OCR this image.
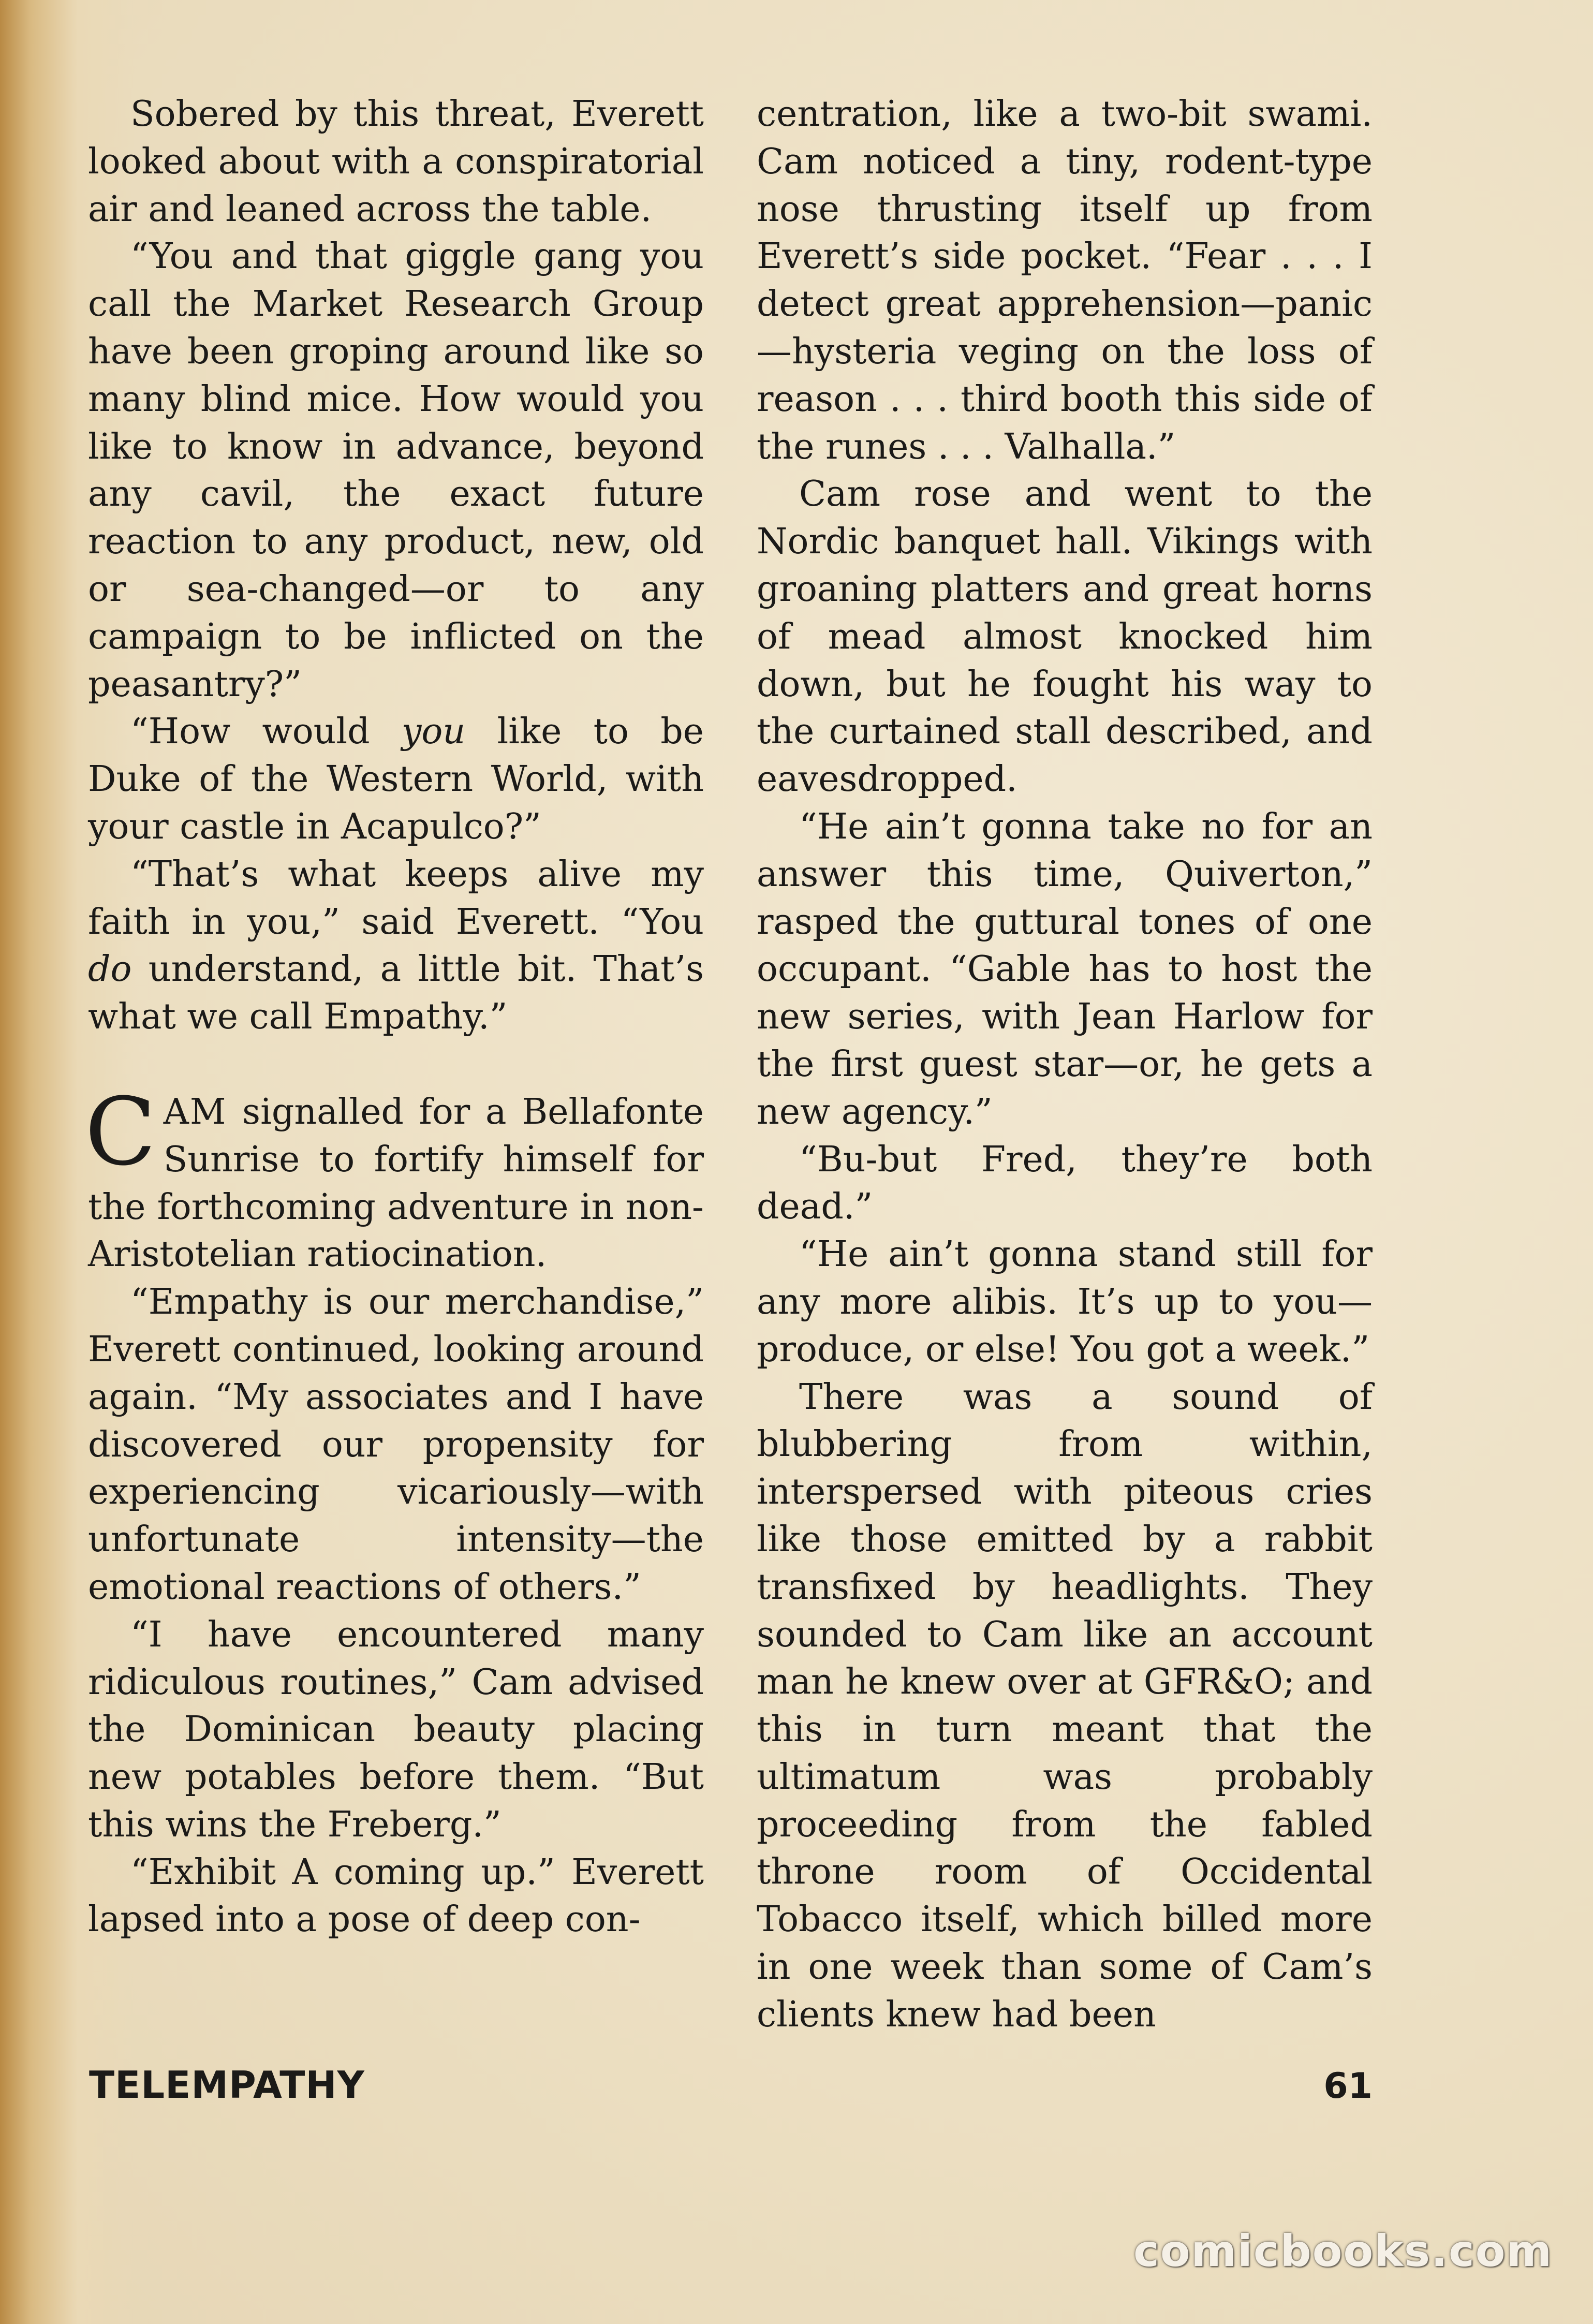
Sobered by this threat, Everett looked about with a conspiratorial air and leaned across the table.

“You and that giggle gang you call the Market Research Group have been groping around like so many blind mice. How would you like to know in advance, beyond any cavil, the exact future reaction to any product, new, old or sea-changed—or to any campaign to be inflicted on the peasantry?”

“How would you like to be Duke of the Western World, with your castle in Acapulco?”

“That’s what keeps alive my faith in you,” said Everett. “You do understand, a little bit. That’s what we call Empathy.”

CAM signalled for a Bellafonte Sunrise to fortify himself for the forthcoming adventure in non-Aristotelian ratiocination.

“Empathy is our merchandise,” Everett continued, looking around again. “My associates and I have discovered our propensity for experiencing vicariously—with unfortunate intensity—the emotional reactions of others.”

“I have encountered many ridiculous routines,” Cam advised the Dominican beauty placing new potables before them. “But this wins the Freberg.”

“Exhibit A coming up.” Everett lapsed into a pose of deep con-

centration, like a two-bit swami. Cam noticed a tiny, rodent-type nose thrusting itself up from Everett’s side pocket. “Fear . . . I detect great apprehension—panic—hysteria veging on the loss of reason . . . third booth this side of the runes . . . Valhalla.”

Cam rose and went to the Nordic banquet hall. Vikings with groaning platters and great horns of mead almost knocked him down, but he fought his way to the curtained stall described, and eavesdropped.

“He ain’t gonna take no for an answer this time, Quiverton,” rasped the guttural tones of one occupant. “Gable has to host the new series, with Jean Harlow for the first guest star—or, he gets a new agency.”

“Bu-but Fred, they’re both dead.”

“He ain’t gonna stand still for any more alibis. It’s up to you—produce, or else! You got a week.”

There was a sound of blubbering from within, interspersed with piteous cries like those emitted by a rabbit transfixed by headlights. They sounded to Cam like an account man he knew over at GFR&O; and this in turn meant that the ultimatum was probably proceeding from the fabled throne room of Occidental Tobacco itself, which billed more in one week than some of Cam’s clients knew had been

TELEMPATHY	61
comicbooks.com
